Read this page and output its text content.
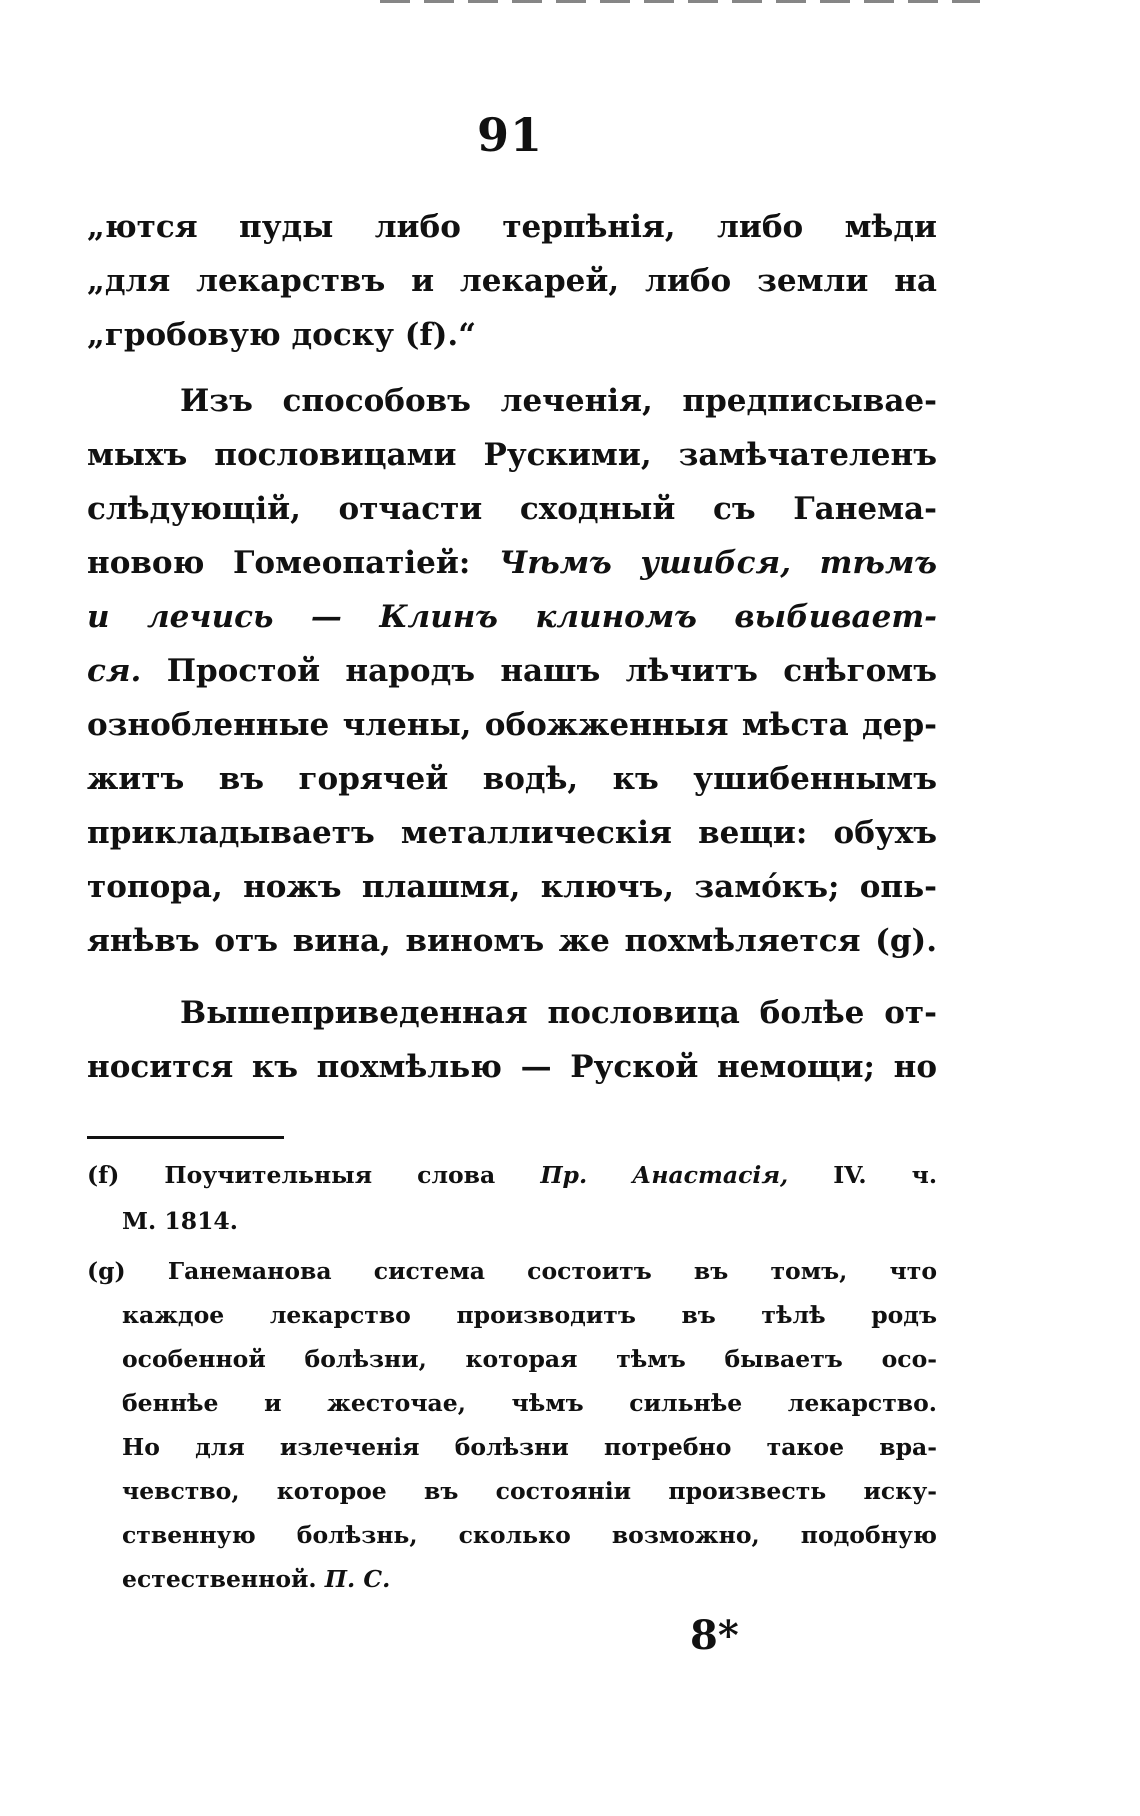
91
„ются пуды либо терпѣнія, либо мѣди
„для лекарствъ и лекарей, либо земли на
„гробовую доску (f).“
Изъ способовъ леченія, предписывае-
мыхъ пословицами Рускими, замѣчателенъ
слѣдующій, отчасти сходный съ Ганема-
новою Гомеопатіей: Чѣмъ ушибся, тѣмъ
и лечись — Клинъ клиномъ выбивает-
ся. Простой народъ нашъ лѣчитъ снѣгомъ
ознобленные члены, обожженныя мѣста дер-
житъ въ горячей водѣ, къ ушибеннымъ
прикладываетъ металлическія вещи: обухъ
топора, ножъ плашмя, ключъ, замо́къ; опь-
янѣвъ отъ вина, виномъ же похмѣляется (g).
Вышеприведенная пословица болѣе от-
носится къ похмѣлью — Руской немощи; но
(f) Поучительныя слова Пр. Анастасія, IV. ч.
М. 1814.
(g) Ганеманова система состоитъ въ томъ, что
каждое лекарство производитъ въ тѣлѣ родъ
особенной болѣзни, которая тѣмъ бываетъ осо-
беннѣе и жесточае, чѣмъ сильнѣе лекарство.
Но для излеченія болѣзни потребно такое вра-
чевство, которое въ состояніи произвесть иску-
ственную болѣзнь, сколько возможно, подобную
естественной. П. С.
8*
